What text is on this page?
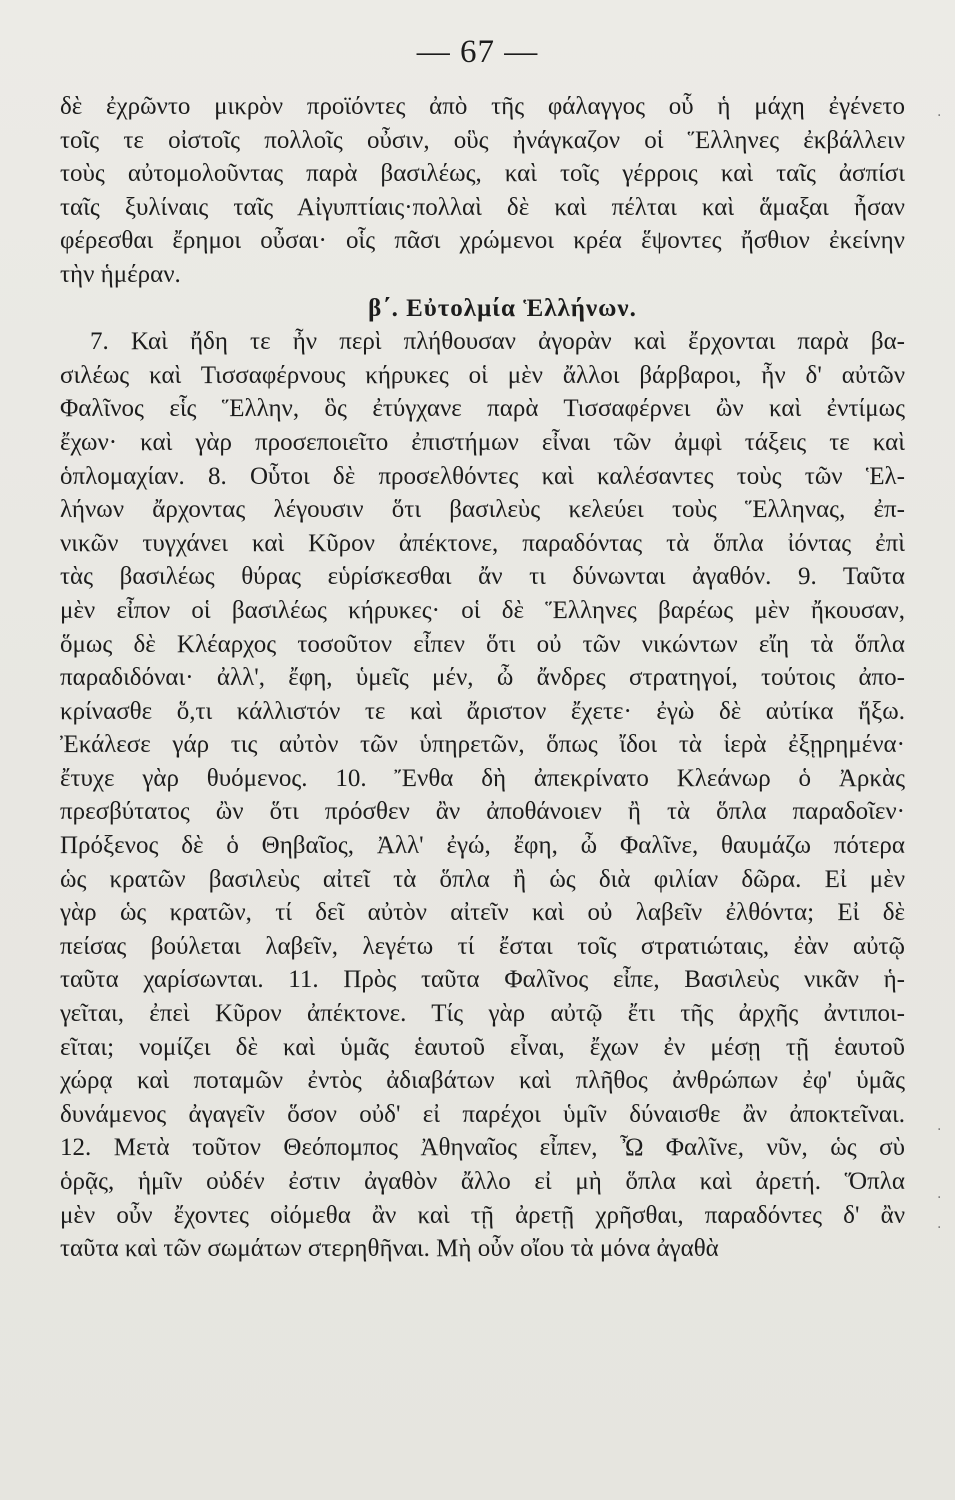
— 67 —
δὲ ἐχρῶντο μικρὸν προϊόντες ἀπὸ τῆς φάλαγγος οὗ ἡ μάχη ἐγένετο
τοῖς τε οἰστοῖς πολλοῖς οὖσιν, οὓς ἠνάγκαζον οἱ Ἕλληνες ἐκβάλλειν
τοὺς αὐτομολοῦντας παρὰ βασιλέως, καὶ τοῖς γέρροις καὶ ταῖς ἀσπίσι
ταῖς ξυλίναις ταῖς Αἰγυπτίαις·πολλαὶ δὲ καὶ πέλται καὶ ἅμαξαι ἦσαν
φέρεσθαι ἔρημοι οὖσαι· οἷς πᾶσι χρώμενοι κρέα ἕψοντες ἤσθιον ἐκείνην
τὴν ἡμέραν.
β΄. Εὐτολμία Ἑλλήνων.
7. Καὶ ἤδη τε ἦν περὶ πλήθουσαν ἀγορὰν καὶ ἔρχονται παρὰ βα-
σιλέως καὶ Τισσαφέρνους κήρυκες οἱ μὲν ἄλλοι βάρβαροι, ἦν δ' αὐτῶν
Φαλῖνος εἷς Ἕλλην, ὃς ἐτύγχανε παρὰ Τισσαφέρνει ὢν καὶ ἐντίμως
ἔχων· καὶ γὰρ προσεποιεῖτο ἐπιστήμων εἶναι τῶν ἀμφὶ τάξεις τε καὶ
ὁπλομαχίαν. 8. Οὗτοι δὲ προσελθόντες καὶ καλέσαντες τοὺς τῶν Ἑλ-
λήνων ἄρχοντας λέγουσιν ὅτι βασιλεὺς κελεύει τοὺς Ἕλληνας, ἐπ-
νικῶν τυγχάνει καὶ Κῦρον ἀπέκτονε, παραδόντας τὰ ὅπλα ἰόντας ἐπὶ
τὰς βασιλέως θύρας εὑρίσκεσθαι ἄν τι δύνωνται ἀγαθόν. 9. Ταῦτα
μὲν εἶπον οἱ βασιλέως κήρυκες· οἱ δὲ Ἕλληνες βαρέως μὲν ἤκουσαν,
ὅμως δὲ Κλέαρχος τοσοῦτον εἶπεν ὅτι οὐ τῶν νικώντων εἴη τὰ ὅπλα
παραδιδόναι· ἀλλ', ἔφη, ὑμεῖς μέν, ὦ ἄνδρες στρατηγοί, τούτοις ἀπο-
κρίνασθε ὅ,τι κάλλιστόν τε καὶ ἄριστον ἔχετε· ἐγὼ δὲ αὐτίκα ἥξω.
Ἐκάλεσε γάρ τις αὐτὸν τῶν ὑπηρετῶν, ὅπως ἴδοι τὰ ἱερὰ ἐξῃρημένα·
ἔτυχε γὰρ θυόμενος. 10. Ἔνθα δὴ ἀπεκρίνατο Κλεάνωρ ὁ Ἀρκὰς
πρεσβύτατος ὢν ὅτι πρόσθεν ἂν ἀποθάνοιεν ἢ τὰ ὅπλα παραδοῖεν·
Πρόξενος δὲ ὁ Θηβαῖος, Ἀλλ' ἐγώ, ἔφη, ὦ Φαλῖνε, θαυμάζω πότερα
ὡς κρατῶν βασιλεὺς αἰτεῖ τὰ ὅπλα ἢ ὡς διὰ φιλίαν δῶρα. Εἰ μὲν
γὰρ ὡς κρατῶν, τί δεῖ αὐτὸν αἰτεῖν καὶ οὐ λαβεῖν ἐλθόντα; Εἰ δὲ
πείσας βούλεται λαβεῖν, λεγέτω τί ἔσται τοῖς στρατιώταις, ἐὰν αὐτῷ
ταῦτα χαρίσωνται. 11. Πρὸς ταῦτα Φαλῖνος εἶπε, Βασιλεὺς νικᾶν ἡ-
γεῖται, ἐπεὶ Κῦρον ἀπέκτονε. Τίς γὰρ αὐτῷ ἔτι τῆς ἀρχῆς ἀντιποι-
εῖται; νομίζει δὲ καὶ ὑμᾶς ἑαυτοῦ εἶναι, ἔχων ἐν μέσῃ τῇ ἑαυτοῦ
χώρᾳ καὶ ποταμῶν ἐντὸς ἀδιαβάτων καὶ πλῆθος ἀνθρώπων ἐφ' ὑμᾶς
δυνάμενος ἀγαγεῖν ὅσον οὐδ' εἰ παρέχοι ὑμῖν δύναισθε ἂν ἀποκτεῖναι.
12. Μετὰ τοῦτον Θεόπομπος Ἀθηναῖος εἶπεν, Ὦ Φαλῖνε, νῦν, ὡς σὺ
ὁρᾷς, ἡμῖν οὐδέν ἐστιν ἀγαθὸν ἄλλο εἰ μὴ ὅπλα καὶ ἀρετή. Ὅπλα
μὲν οὖν ἔχοντες οἰόμεθα ἂν καὶ τῇ ἀρετῇ χρῆσθαι, παραδόντες δ' ἂν
ταῦτα καὶ τῶν σωμάτων στερηθῆναι. Μὴ οὖν οἴου τὰ μόνα ἀγαθὰ
·
·
·
·
